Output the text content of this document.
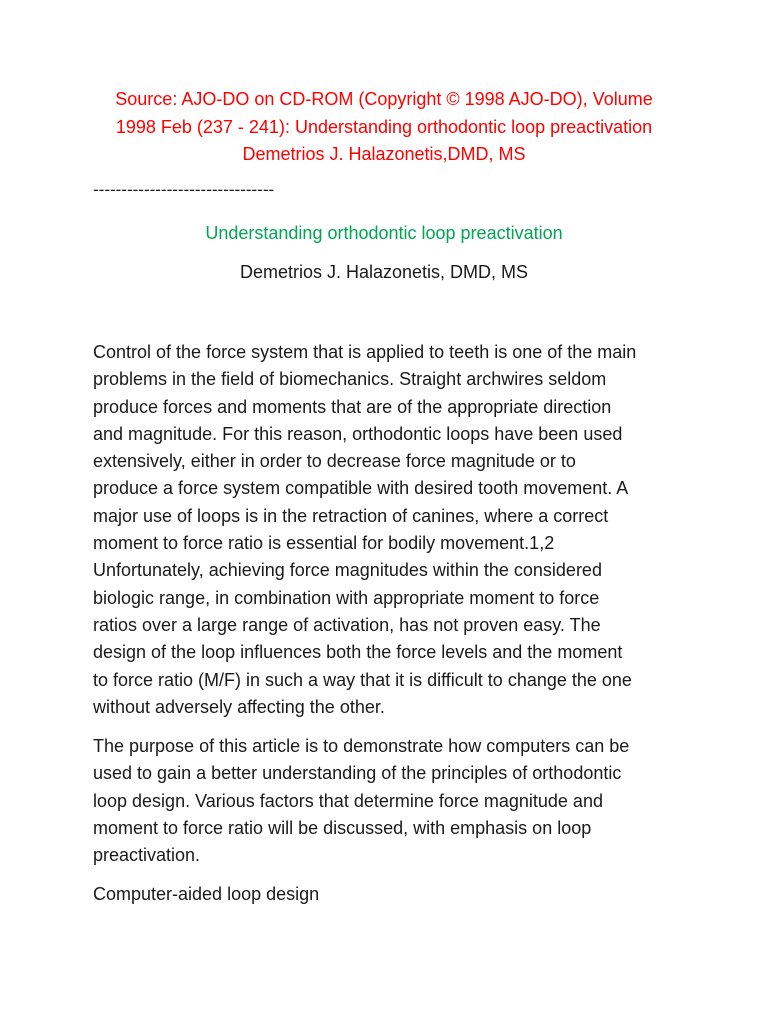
Source: AJO-DO on CD-ROM (Copyright © 1998 AJO-DO), Volume
1998 Feb (237 - 241): Understanding orthodontic loop preactivation
Demetrios J. Halazonetis,DMD, MS
--------------------------------
Understanding orthodontic loop preactivation
Demetrios J. Halazonetis, DMD, MS
Control of the force system that is applied to teeth is one of the main
problems in the field of biomechanics. Straight archwires seldom
produce forces and moments that are of the appropriate direction
and magnitude. For this reason, orthodontic loops have been used
extensively, either in order to decrease force magnitude or to
produce a force system compatible with desired tooth movement. A
major use of loops is in the retraction of canines, where a correct
moment to force ratio is essential for bodily movement.1,2
Unfortunately, achieving force magnitudes within the considered
biologic range, in combination with appropriate moment to force
ratios over a large range of activation, has not proven easy. The
design of the loop influences both the force levels and the moment
to force ratio (M/F) in such a way that it is difficult to change the one
without adversely affecting the other.
The purpose of this article is to demonstrate how computers can be
used to gain a better understanding of the principles of orthodontic
loop design. Various factors that determine force magnitude and
moment to force ratio will be discussed, with emphasis on loop
preactivation.
Computer-aided loop design
